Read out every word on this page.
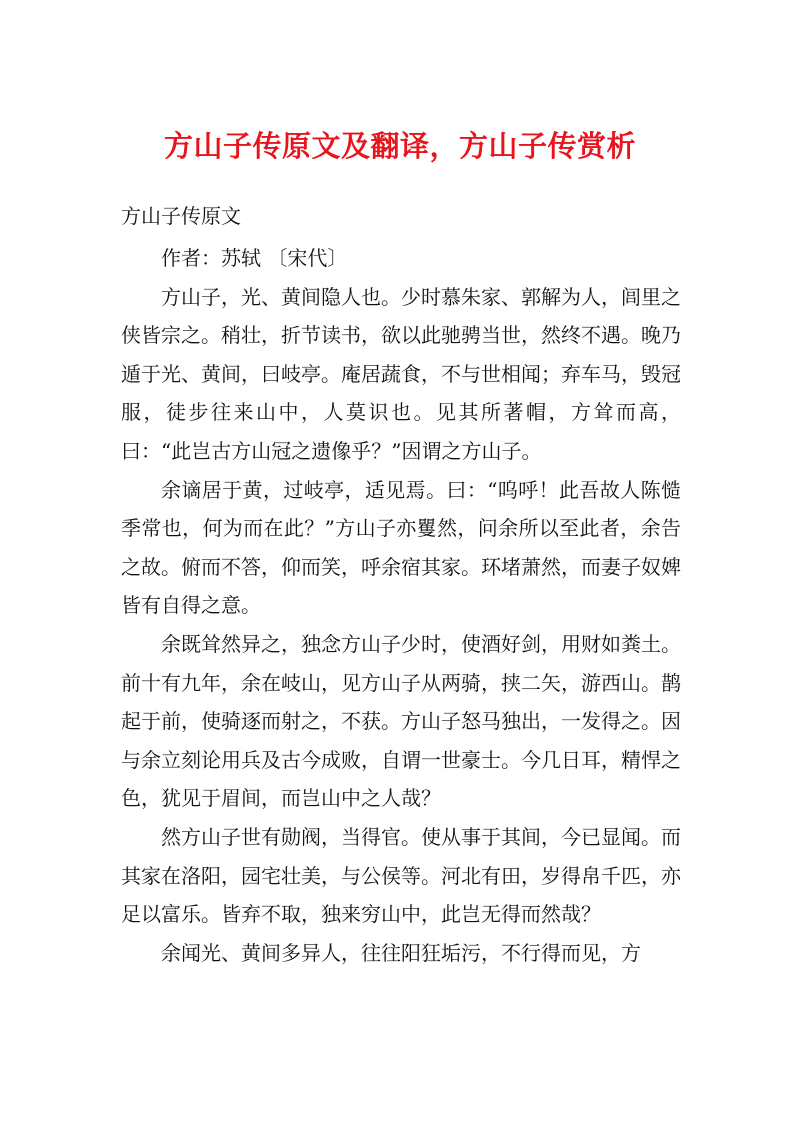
方山子传原文及翻译，方山子传赏析
方山子传原文

作者：苏轼 〔宋代〕

方山子，光、黄间隐人也。少时慕朱家、郭解为人，闾里之侠皆宗之。稍壮，折节读书，欲以此驰骋当世，然终不遇。晚乃遁于光、黄间，曰岐亭。庵居蔬食，不与世相闻；弃车马，毁冠服，徒步往来山中，人莫识也。见其所著帽，方耸而高，曰：“此岂古方山冠之遗像乎？”因谓之方山子。

余谪居于黄，过岐亭，适见焉。曰：“呜呼！此吾故人陈慥季常也，何为而在此？”方山子亦矍然，问余所以至此者，余告之故。俯而不答，仰而笑，呼余宿其家。环堵萧然，而妻子奴婢皆有自得之意。

余既耸然异之，独念方山子少时，使酒好剑，用财如粪土。前十有九年，余在岐山，见方山子从两骑，挟二矢，游西山。鹊起于前，使骑逐而射之，不获。方山子怒马独出，一发得之。因与余立刻论用兵及古今成败，自谓一世豪士。今几日耳，精悍之色，犹见于眉间，而岂山中之人哉？

然方山子世有勋阀，当得官。使从事于其间，今已显闻。而其家在洛阳，园宅壮美，与公侯等。河北有田，岁得帛千匹，亦足以富乐。皆弃不取，独来穷山中，此岂无得而然哉？

余闻光、黄间多异人，往往阳狂垢污，不行得而见，方
